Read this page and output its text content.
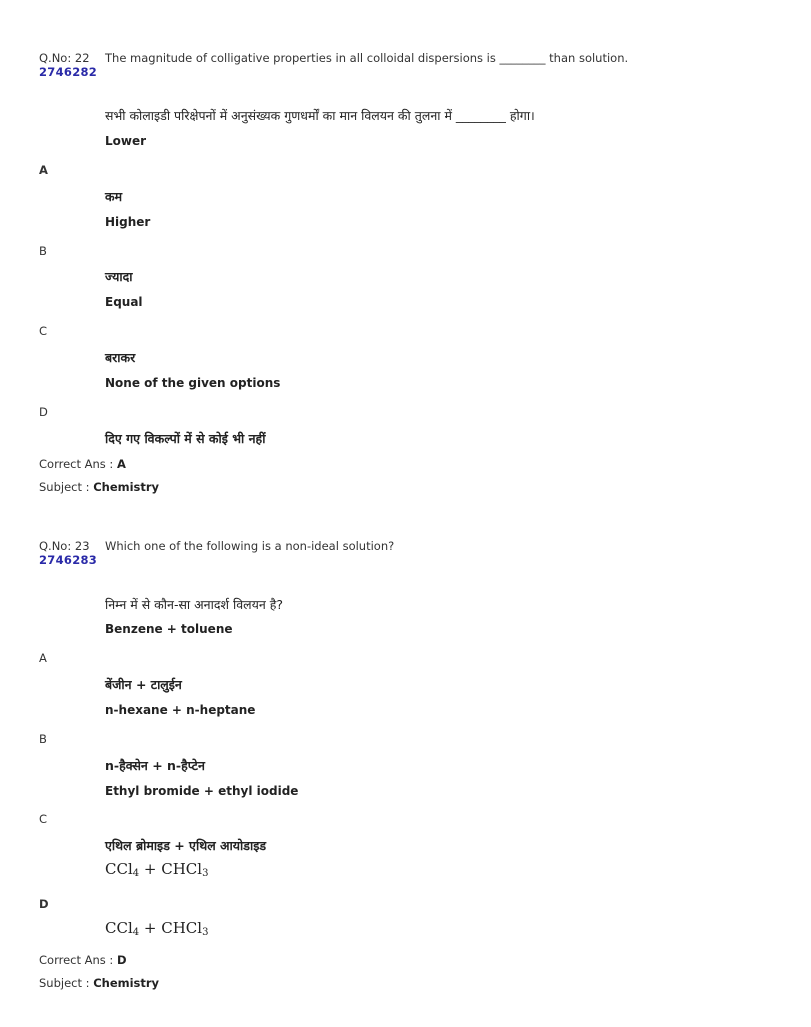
Q.No: 22
2746282
The magnitude of colligative properties in all colloidal dispersions is ________ than solution.
सभी कोलाइडी परिक्षेपनों में अनुसंख्यक गुणधर्मों का मान विलयन की तुलना में ________ होगा।
Lower
A
कम
Higher
B
ज्यादा
Equal
C
बराकर
None of the given options
D
दिए गए विकल्पों में से कोई भी नहीं
Correct Ans : A
Subject : Chemistry
Q.No: 23
2746283
Which one of the following is a non-ideal solution?
निम्न में से कौन-सा अनादर्श विलयन है?
Benzene + toluene
A
बेंजीन + टालुईन
n-hexane + n-heptane
B
n-हैक्सेन + n-हैप्टेन
Ethyl bromide + ethyl iodide
C
एथिल ब्रोमाइड + एथिल आयोडाइड
CCl$_4$ + CHCl$_3$
D
CCl$_4$ + CHCl$_3$
Correct Ans : D
Subject : Chemistry
